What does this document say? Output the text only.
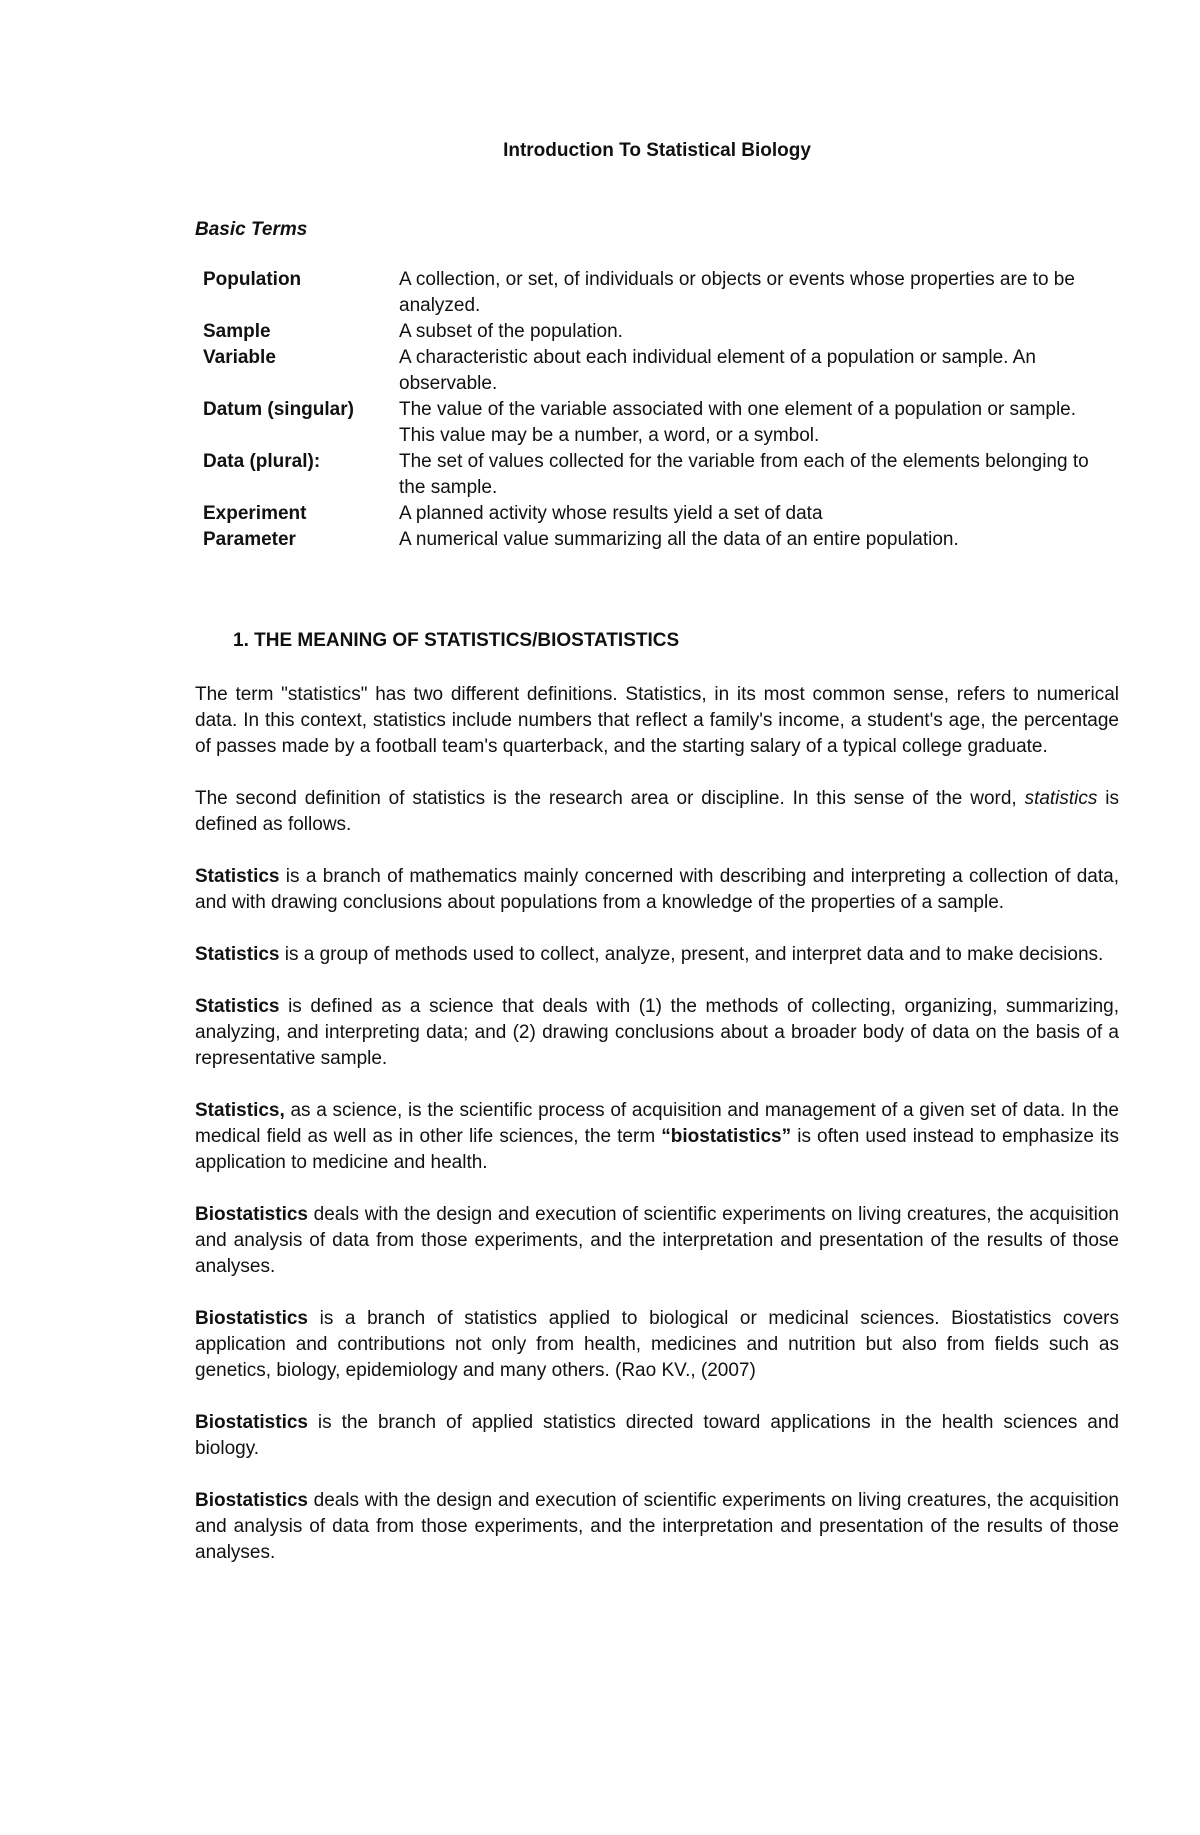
Introduction To Statistical Biology
Basic Terms
Population	A collection, or set, of individuals or objects or events whose properties are to be analyzed.
Sample	A subset of the population.
Variable	A characteristic about each individual element of a population or sample. An observable.
Datum (singular)	The value of the variable associated with one element of a population or sample. This value may be a number, a word, or a symbol.
Data (plural):	The set of values collected for the variable from each of the elements belonging to the sample.
Experiment	A planned activity whose results yield a set of data
Parameter	A numerical value summarizing all the data of an entire population.
1. THE MEANING OF STATISTICS/BIOSTATISTICS

The term "statistics" has two different definitions. Statistics, in its most common sense, refers to numerical data. In this context, statistics include numbers that reflect a family's income, a student's age, the percentage of passes made by a football team's quarterback, and the starting salary of a typical college graduate.

The second definition of statistics is the research area or discipline. In this sense of the word, statistics is defined as follows.

Statistics is a branch of mathematics mainly concerned with describing and interpreting a collection of data, and with drawing conclusions about populations from a knowledge of the properties of a sample.

Statistics is a group of methods used to collect, analyze, present, and interpret data and to make decisions.

Statistics is defined as a science that deals with (1) the methods of collecting, organizing, summarizing, analyzing, and interpreting data; and (2) drawing conclusions about a broader body of data on the basis of a representative sample.

Statistics, as a science, is the scientific process of acquisition and management of a given set of data. In the medical field as well as in other life sciences, the term “biostatistics” is often used instead to emphasize its application to medicine and health.

Biostatistics deals with the design and execution of scientific experiments on living creatures, the acquisition and analysis of data from those experiments, and the interpretation and presentation of the results of those analyses.

Biostatistics is a branch of statistics applied to biological or medicinal sciences. Biostatistics covers application and contributions not only from health, medicines and nutrition but also from fields such as genetics, biology, epidemiology and many others. (Rao KV., (2007)

Biostatistics is the branch of applied statistics directed toward applications in the health sciences and biology.

Biostatistics deals with the design and execution of scientific experiments on living creatures, the acquisition and analysis of data from those experiments, and the interpretation and presentation of the results of those analyses.
